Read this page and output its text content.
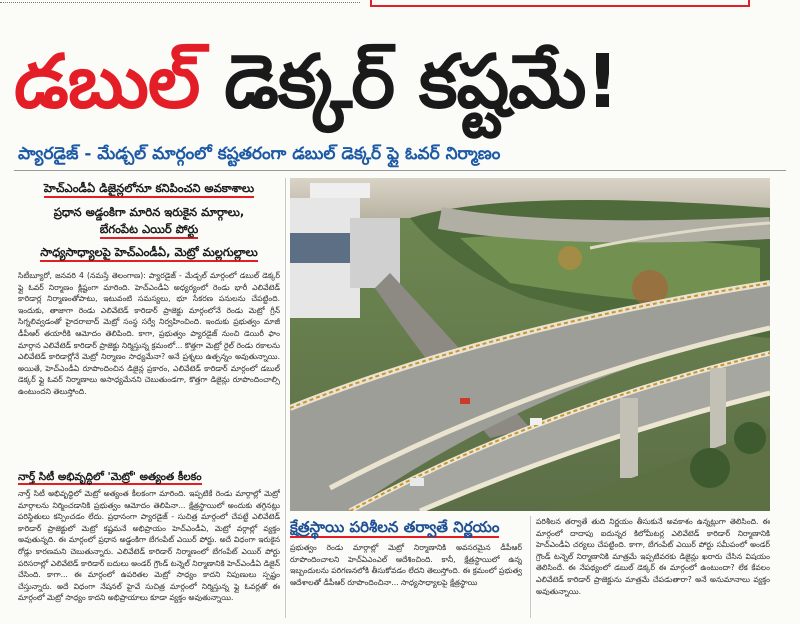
డబుల్ డెక్కర్ కష్టమే!
ప్యారడైజ్ - మేడ్చల్ మార్గంలో కష్టతరంగా డబుల్ డెక్కర్ ఫ్లై ఓవర్ నిర్మాణం
హెచ్ఎండీఏ డిజైన్లలోనూ కనిపించని అవకాశాలు
ప్రధాన అడ్డంకిగా మారిన ఇరుకైన మార్గాలు,
బేగంపేట ఎయిర్ పోర్టు
సాధ్యసాధ్యాలపై హెచ్ఎండీఏ, మెట్రో మల్లగుల్లాలు
సిటీబ్యూరో, జనవరి 4 (నమస్తే తెలంగాణ): ప్యారడైజ్ - మేడ్చల్ మార్గంలో డబుల్ డెక్కర్ ఫ్లై ఓవర్ నిర్మాణం క్లిష్టంగా మారింది. హెచ్ఎండీఏ అధ్యర్యంలో రెండు భారీ ఎలివేటెడ్ కారిడార్ల నిర్మాణంతోపాటు, ఇటువంటి సమస్యలు, భూ సేకరణ పనులను చేపట్టింది. ఇందుకు, తాజాగా రెండు ఎలివేటెడ్ కారిడార్ ప్రాజెక్టు మార్గంలోనే రెండు మెట్రో గ్రీన్ సిగ్నలివ్వడంతో హైదరాబాద్ మెట్రో సంస్థ సర్వే నిర్వహించింది. ఇందుకు ప్రభుత్వం మాజీ డీపీఆర్ తయారీకి ఆమోదం తెలిపింది. కాగా, ప్రభుత్వం ప్యారడైజ్ నుంచి డెయిరీ ఫాం మార్గాన ఎలివేటెడ్ కారిడార్ ప్రాజెక్టు నిర్మిస్తున్న క్రమంలో... కొత్తగా మెట్రో రైల్ రెండు రకాలను ఎలివేటెడ్ కారిడార్లోనే మెట్రో నిర్మాణం సాధ్యమేనా? అనే ప్రశ్నలు ఉత్పన్నం అవుతున్నాయి. అయితే, హెచ్ఎండీఏ రూపొందించిన డిజైన్ల ప్రకారం, ఎలివేటెడ్ కారిడార్ మార్గంలో డబుల్ డెక్కర్ ఫ్లై ఓవర్ నిర్మాణాలు అసాధ్యమేనని చెబుతుండగా, కొత్తగా డిజైన్లు రూపొందించాల్సి ఉంటుందని తెలుస్తోంది.
నార్త్ సిటీ అభివృద్ధిలో 'మెట్రో' అత్యంత కీలకం
నార్త్ సిటీ అభివృద్ధిలో మెట్రో అత్యంత కీలకంగా మారింది. ఇప్పటికే రెండు మార్గాల్లో మెట్రో మార్గాలను నిర్మించడానికి ప్రభుత్వం ఆమోదం తెలిపినా... క్షేత్రస్థాయిలో అందుకు తగ్గినట్లు పరిస్థితులు కన్పించడం లేదు. ప్రధానంగా ప్యారడైజ్ - సుచిత్ర మార్గంలో చేపట్టే ఎలివేటెడ్ కారిడార్ ప్రాజెక్టులో మెట్రో కష్టమనే అభిప్రాయం హెచ్ఎండీఏ, మెట్రో వర్గాల్లో వ్యక్తం అవుతున్నది. ఈ మార్గంలో ప్రధాన అడ్డంకిగా బేగంపేట్ ఎయిర్ పోర్టు. అదే విధంగా ఇరుకైన రోడ్లు కారణమని చెబుతున్నారు. ఎలివేటెడ్ కారిడార్ నిర్మాణంలో బేగంపేట్ ఎయిర్ పోర్టు పరిసరాల్లో ఎలివేటెడ్ కారిడార్ బదులు అండర్ గ్రౌండ్ టన్నెల్ నిర్మాణానికి హెచ్ఎండీఏ డిజైన్ చేసింది. కాగా... ఈ మార్గంలో ఉపరితల మెట్రో సాధ్యం కాదని నిపుణులు స్పష్టం చేస్తున్నారు. అదే విధంగా నేషనల్ హైవే సుచిత్ర మార్గంలో నిర్మిస్తున్న ఫ్లై ఓవర్లతో ఈ మార్గంలో మెట్రో సాధ్యం కాదని అభిప్రాయాలు కూడా వ్యక్తం అవుతున్నాయి.
క్షేత్రస్థాయి పరిశీలన తర్వాతే నిర్ణయం
ప్రభుత్వం రెండు మార్గాల్లో మెట్రో నిర్మాణానికి అవసరమైన డీపీఆర్ రూపొందించాలని హెచ్ఏఎంఎల్ ఆదేశించింది. కానీ, క్షేత్రస్థాయిలో ఉన్న ఇబ్బందులను పరిగణనలోకి తీసుకోవడం లేదని తెలుస్తోంది. ఈ క్రమంలో ప్రభుత్వ ఆదేశాలతో డీపీఆర్ రూపొందించినా... సాధ్యసాధ్యాలపై క్షేత్రస్థాయి
పరిశీలన తర్వాతే తుది నిర్ణయం తీసుకునే అవకాశం ఉన్నట్లుగా తెలిసింది. ఈ మార్గంలో దాదాపు ఐదున్నర కిలోమీటర్ల ఎలివేటెడ్ కారిడార్ నిర్మాణానికి హెచ్ఎండీఏ చర్యలు చేపట్టింది. కాగా, బేగంపేట్ ఎయిర్ పోర్టు సమీపంలో అండర్ గ్రౌండ్ టన్నెల్ నిర్మాణానికి మాత్రమే ఇప్పటివరకు డిజైన్లు ఖరారు చేసిన విషయం తెలిసిందే. ఈ నేపథ్యంలో డబుల్ డెక్కర్ ఈ మార్గంలో ఉంటుందా? లేక కేవలం ఎలివేటెడ్ కారిడార్ ప్రాజెక్టును మాత్రమే చేపడుతారా? అనే అనుమానాలు వ్యక్తం అవుతున్నాయి.
